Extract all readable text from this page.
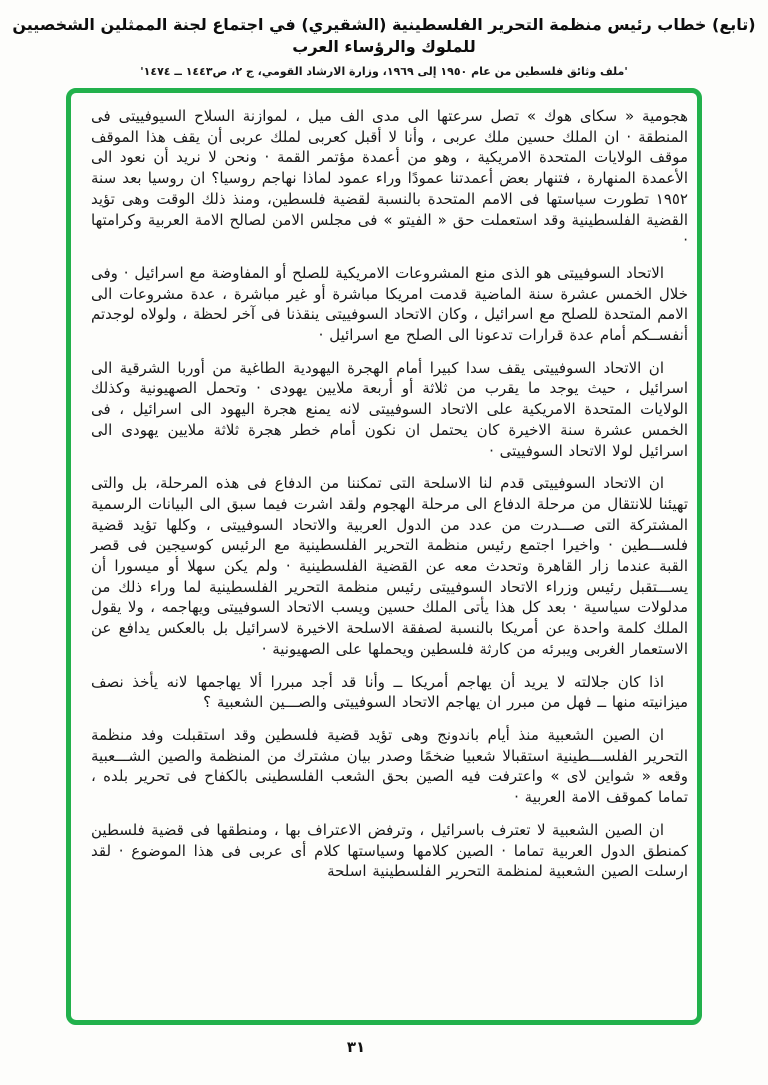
(تابع) خطاب رئيس منظمة التحرير الفلسطينية (الشقيري) في اجتماع لجنة الممثلين الشخصيين للملوك والرؤساء العرب
'ملف وثائق فلسطين من عام ١٩٥٠ إلى ١٩٦٩، وزارة الارشاد القومي، ج ٢، ص١٤٤٣ ــ ١٤٧٤'

هجومية « سكاى هوك » تصل سرعتها الى مدى الف ميل ، لموازنة السلاح السيوفييتى فى المنطقة · ان الملك حسين ملك عربى ، وأنا لا أقبل كعربى لملك عربى أن يقف هذا الموقف موقف الولايات المتحدة الامريكية ، وهو من أعمدة مؤتمر القمة · ونحن لا نريد أن نعود الى الأعمدة المنهارة ، فتنهار بعض أعمدتنا عمودًا وراء عمود لماذا نهاجم روسيا؟ ان روسيا بعد سنة ١٩٥٢ تطورت سياستها فى الامم المتحدة بالنسبة لقضية فلسطين، ومنذ ذلك الوقت وهى تؤيد القضية الفلسطينية وقد استعملت حق « الفيتو » فى مجلس الامن لصالح الامة العربية وكرامتها ·

الاتحاد السوفييتى هو الذى منع المشروعات الامريكية للصلح أو المفاوضة مع اسرائيل · وفى خلال الخمس عشرة سنة الماضية قدمت امريكا مباشرة أو غير مباشرة ، عدة مشروعات الى الامم المتحدة للصلح مع اسرائيل ، وكان الاتحاد السوفييتى ينقذنا فى آخر لحظة ، ولولاه لوجدتم أنفســكم أمام عدة قرارات تدعونا الى الصلح مع اسرائيل ·

ان الاتحاد السوفييتى يقف سدا كبيرا أمام الهجرة اليهودية الطاغية من أوربا الشرقية الى اسرائيل ، حيث يوجد ما يقرب من ثلاثة أو أربعة ملايين يهودى · وتحمل الصهيونية وكذلك الولايات المتحدة الامريكية على الاتحاد السوفييتى لانه يمنع هجرة اليهود الى اسرائيل ، فى الخمس عشرة سنة الاخيرة كان يحتمل ان نكون أمام خطر هجرة ثلاثة ملايين يهودى الى اسرائيل لولا الاتحاد السوفييتى ·

ان الاتحاد السوفييتى قدم لنا الاسلحة التى تمكننا من الدفاع فى هذه المرحلة، بل والتى تهيئنا للانتقال من مرحلة الدفاع الى مرحلة الهجوم ولقد اشرت فيما سبق الى البيانات الرسمية المشتركة التى صـــدرت من عدد من الدول العربية والاتحاد السوفييتى ، وكلها تؤيد قضية فلســـطين · واخيرا اجتمع رئيس منظمة التحرير الفلسطينية مع الرئيس كوسيجين فى قصر القبة عندما زار القاهرة وتحدث معه عن القضية الفلسطينية · ولم يكن سهلا أو ميسورا أن يســـتقبل رئيس وزراء الاتحاد السوفييتى رئيس منظمة التحرير الفلسطينية لما وراء ذلك من مدلولات سياسية · بعد كل هذا يأتى الملك حسين ويسب الاتحاد السوفييتى ويهاجمه ، ولا يقول الملك كلمة واحدة عن أمريكا بالنسبة لصفقة الاسلحة الاخيرة لاسرائيل بل بالعكس يدافع عن الاستعمار الغربى ويبرئه من كارثة فلسطين ويحملها على الصهيونية ·

اذا كان جلالته لا يريد أن يهاجم أمريكا ــ وأنا قد أجد مبررا ألا يهاجمها لانه يأخذ نصف ميزانيته منها ــ فهل من مبرر ان يهاجم الاتحاد السوفييتى والصـــين الشعبية ؟

ان الصين الشعبية منذ أيام باندونج وهى تؤيد قضية فلسطين وقد استقبلت وفد منظمة التحرير الفلســـطينية استقبالا شعبيا ضخمًا وصدر بيان مشترك من المنظمة والصين الشـــعبية وقعه « شواين لاى » واعترفت فيه الصين بحق الشعب الفلسطينى بالكفاح فى تحرير بلده ، تماما كموقف الامة العربية ·

ان الصين الشعبية لا تعترف باسرائيل ، وترفض الاعتراف بها ، ومنطقها فى قضية فلسطين كمنطق الدول العربية تماما · الصين كلامها وسياستها كلام أى عربى فى هذا الموضوع · لقد ارسلت الصين الشعبية لمنظمة التحرير الفلسطينية اسلحة

٣١
